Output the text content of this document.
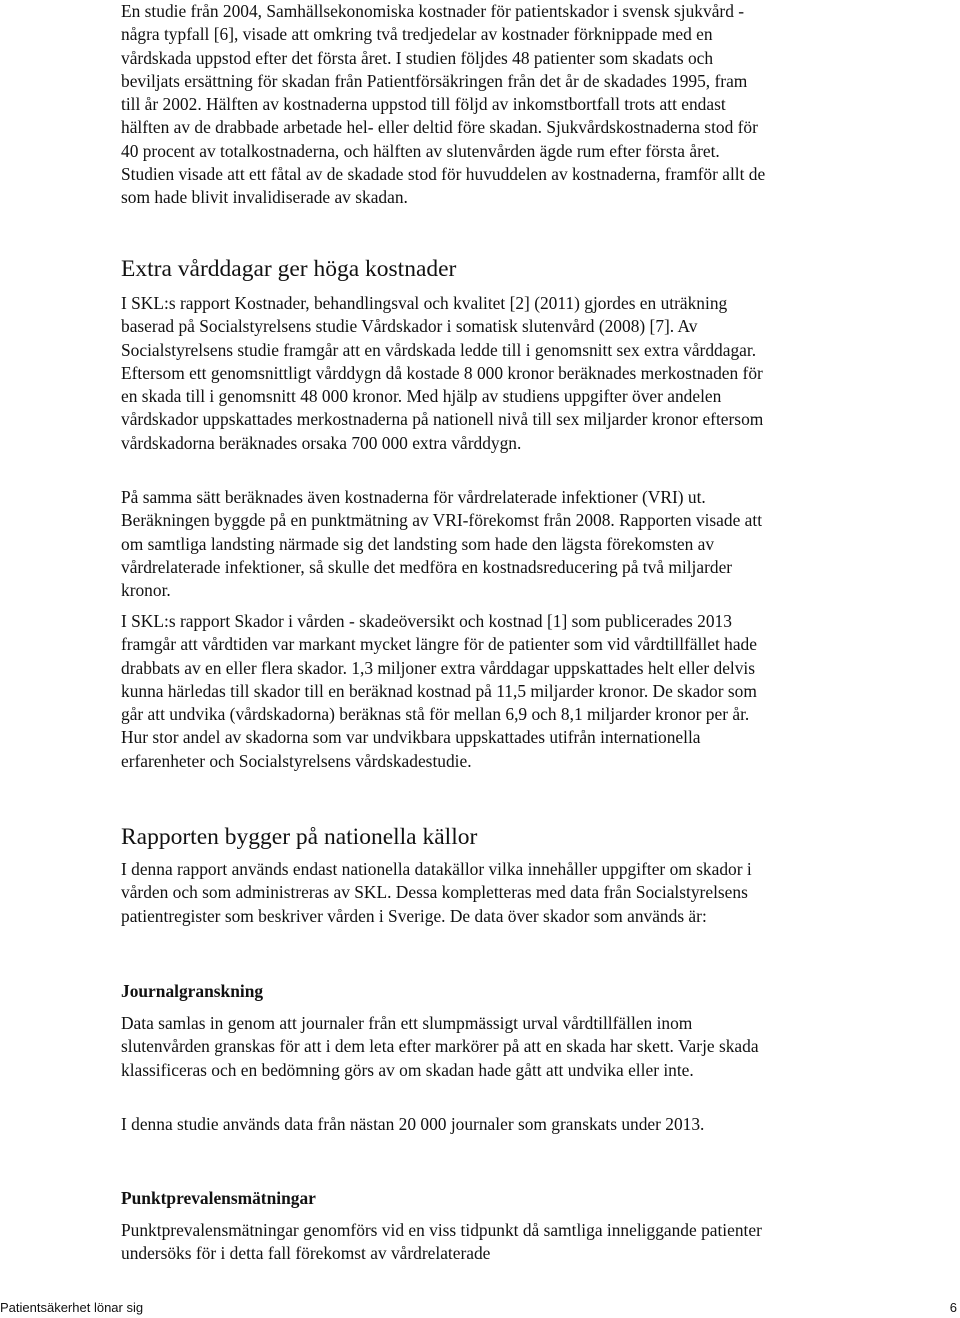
En studie från 2004, Samhällsekonomiska kostnader för patientskador i svensk sjukvård - några typfall [6], visade att omkring två tredjedelar av kostnader förknippade med en vårdskada uppstod efter det första året. I studien följdes 48 patienter som skadats och beviljats ersättning för skadan från Patientförsäkringen från det år de skadades 1995, fram till år 2002. Hälften av kostnaderna uppstod till följd av inkomstbortfall trots att endast hälften av de drabbade arbetade hel- eller deltid före skadan. Sjukvårdskostnaderna stod för 40 procent av totalkostnaderna, och hälften av slutenvården ägde rum efter första året. Studien visade att ett fåtal av de skadade stod för huvuddelen av kostnaderna, framför allt de som hade blivit invalidiserade av skadan.

Extra vårddagar ger höga kostnader

I SKL:s rapport Kostnader, behandlingsval och kvalitet [2] (2011) gjordes en uträkning baserad på Socialstyrelsens studie Vårdskador i somatisk slutenvård (2008) [7]. Av Socialstyrelsens studie framgår att en vårdskada ledde till i genomsnitt sex extra vårddagar. Eftersom ett genomsnittligt vårddygn då kostade 8 000 kronor beräknades merkostnaden för en skada till i genomsnitt 48 000 kronor. Med hjälp av studiens uppgifter över andelen vårdskador uppskattades merkostnaderna på nationell nivå till sex miljarder kronor eftersom vårdskadorna beräknades orsaka 700 000 extra vårddygn.

På samma sätt beräknades även kostnaderna för vårdrelaterade infektioner (VRI) ut. Beräkningen byggde på en punktmätning av VRI-förekomst från 2008. Rapporten visade att om samtliga landsting närmade sig det landsting som hade den lägsta förekomsten av vårdrelaterade infektioner, så skulle det medföra en kostnadsreducering på två miljarder kronor.

I SKL:s rapport Skador i vården - skadeöversikt och kostnad [1] som publicerades 2013 framgår att vårdtiden var markant mycket längre för de patienter som vid vårdtillfället hade drabbats av en eller flera skador. 1,3 miljoner extra vårddagar uppskattades helt eller delvis kunna härledas till skador till en beräknad kostnad på 11,5 miljarder kronor. De skador som går att undvika (vårdskadorna) beräknas stå för mellan 6,9 och 8,1 miljarder kronor per år. Hur stor andel av skadorna som var undvikbara uppskattades utifrån internationella erfarenheter och Socialstyrelsens vårdskadestudie.

Rapporten bygger på nationella källor

I denna rapport används endast nationella datakällor vilka innehåller uppgifter om skador i vården och som administreras av SKL. Dessa kompletteras med data från Socialstyrelsens patientregister som beskriver vården i Sverige. De data över skador som används är:

Journalgranskning

Data samlas in genom att journaler från ett slumpmässigt urval vårdtillfällen inom slutenvården granskas för att i dem leta efter markörer på att en skada har skett. Varje skada klassificeras och en bedömning görs av om skadan hade gått att undvika eller inte.

I denna studie används data från nästan 20 000 journaler som granskats under 2013.

Punktprevalensmätningar

Punktprevalensmätningar genomförs vid en viss tidpunkt då samtliga inneliggande patienter undersöks för i detta fall förekomst av vårdrelaterade

Patientsäkerhet lönar sig	6
